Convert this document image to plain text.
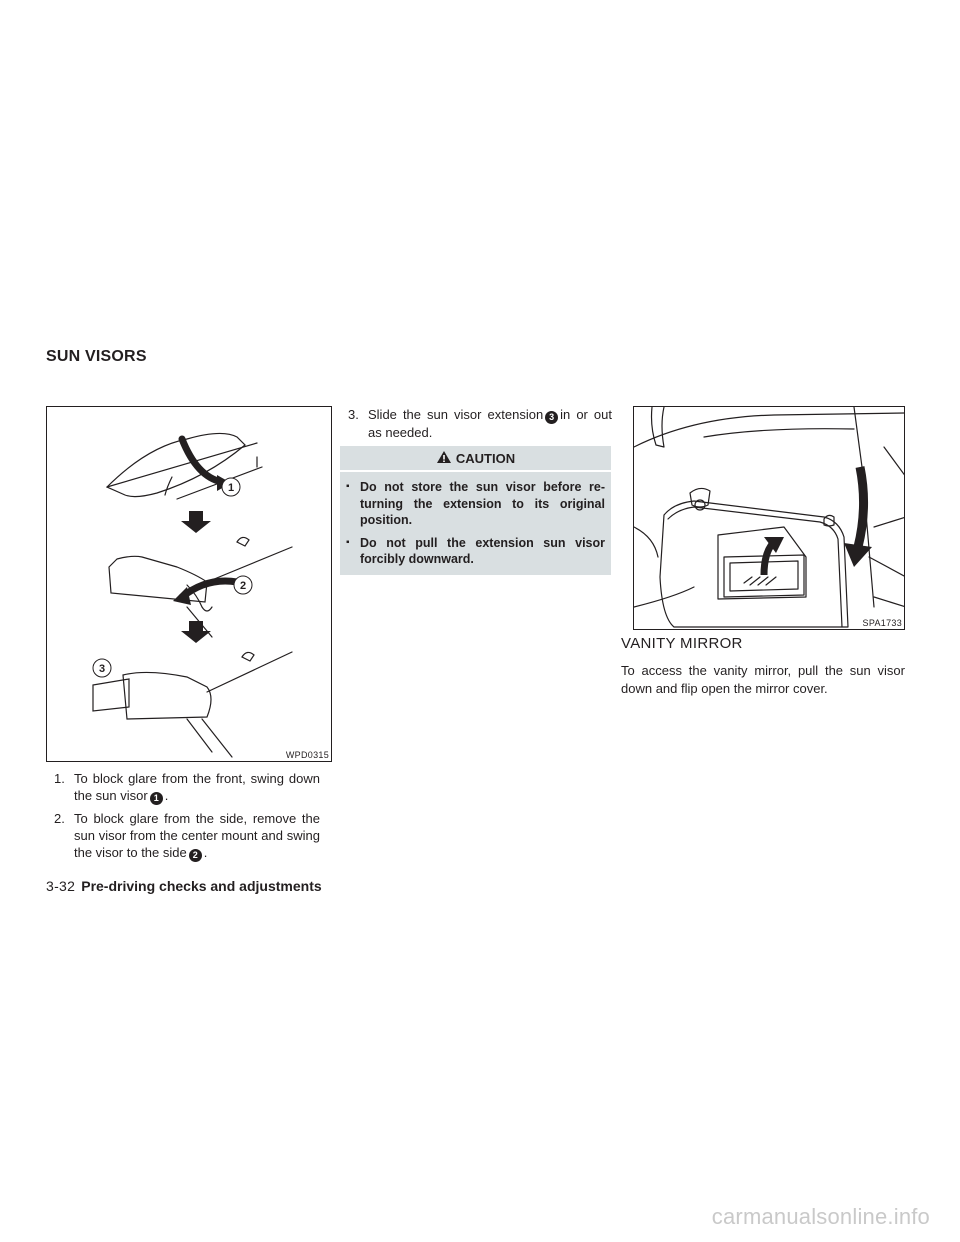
SUN VISORS
1
2
3
WPD0315
1. To block glare from the front, swing down the sun visor 1 .
2. To block glare from the side, remove the sun visor from the center mount and swing the visor to the side 2 .
3. Slide the sun visor extension 3 in or out as needed.
CAUTION
▪ Do not store the sun visor before re-turning the extension to its original position.
▪ Do not pull the extension sun visor forcibly downward.
SPA1733
VANITY MIRROR
To access the vanity mirror, pull the sun visor down and flip open the mirror cover.
3-32 Pre-driving checks and adjustments
carmanualsonline.info
